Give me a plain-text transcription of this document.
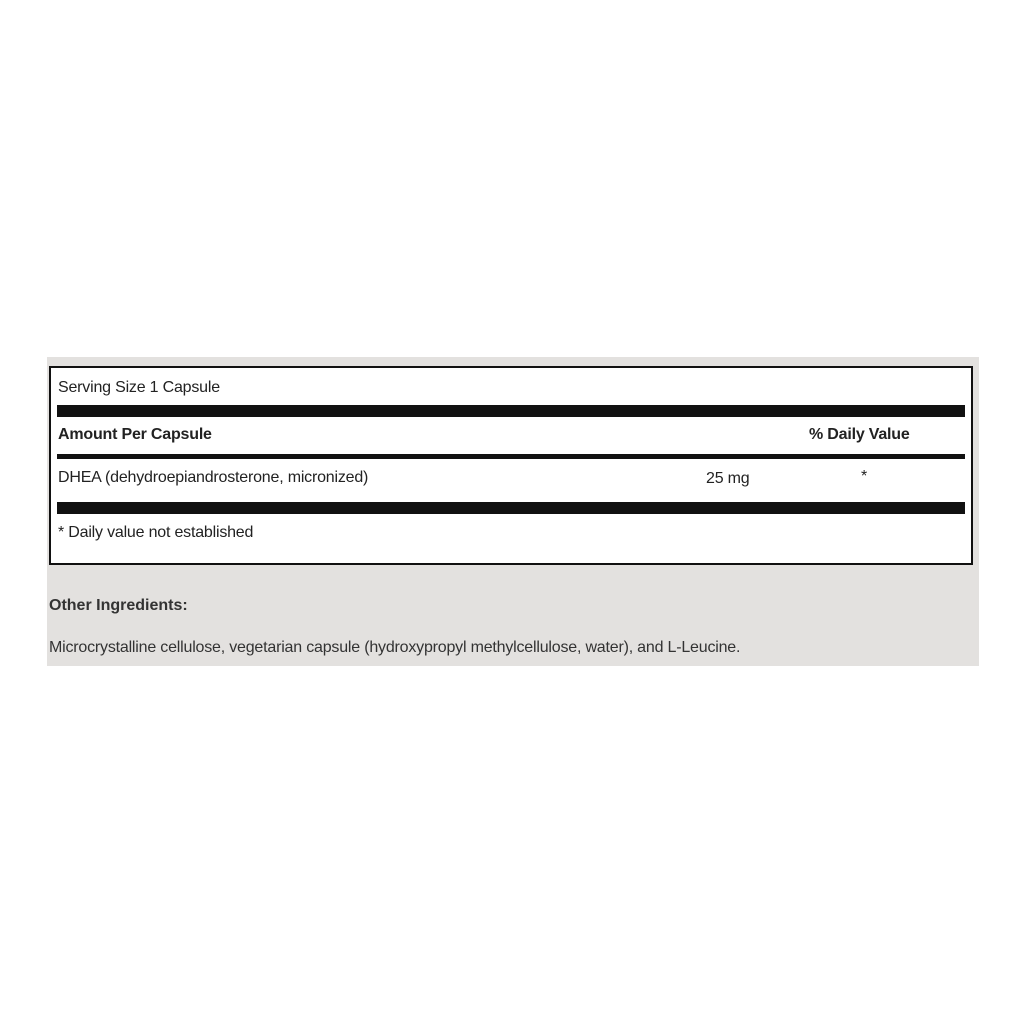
Serving Size 1 Capsule
Amount Per Capsule	% Daily Value
DHEA (dehydroepiandrosterone, micronized)	25 mg	*
* Daily value not established
Other Ingredients:
Microcrystalline cellulose, vegetarian capsule (hydroxypropyl methylcellulose, water), and L-Leucine.
